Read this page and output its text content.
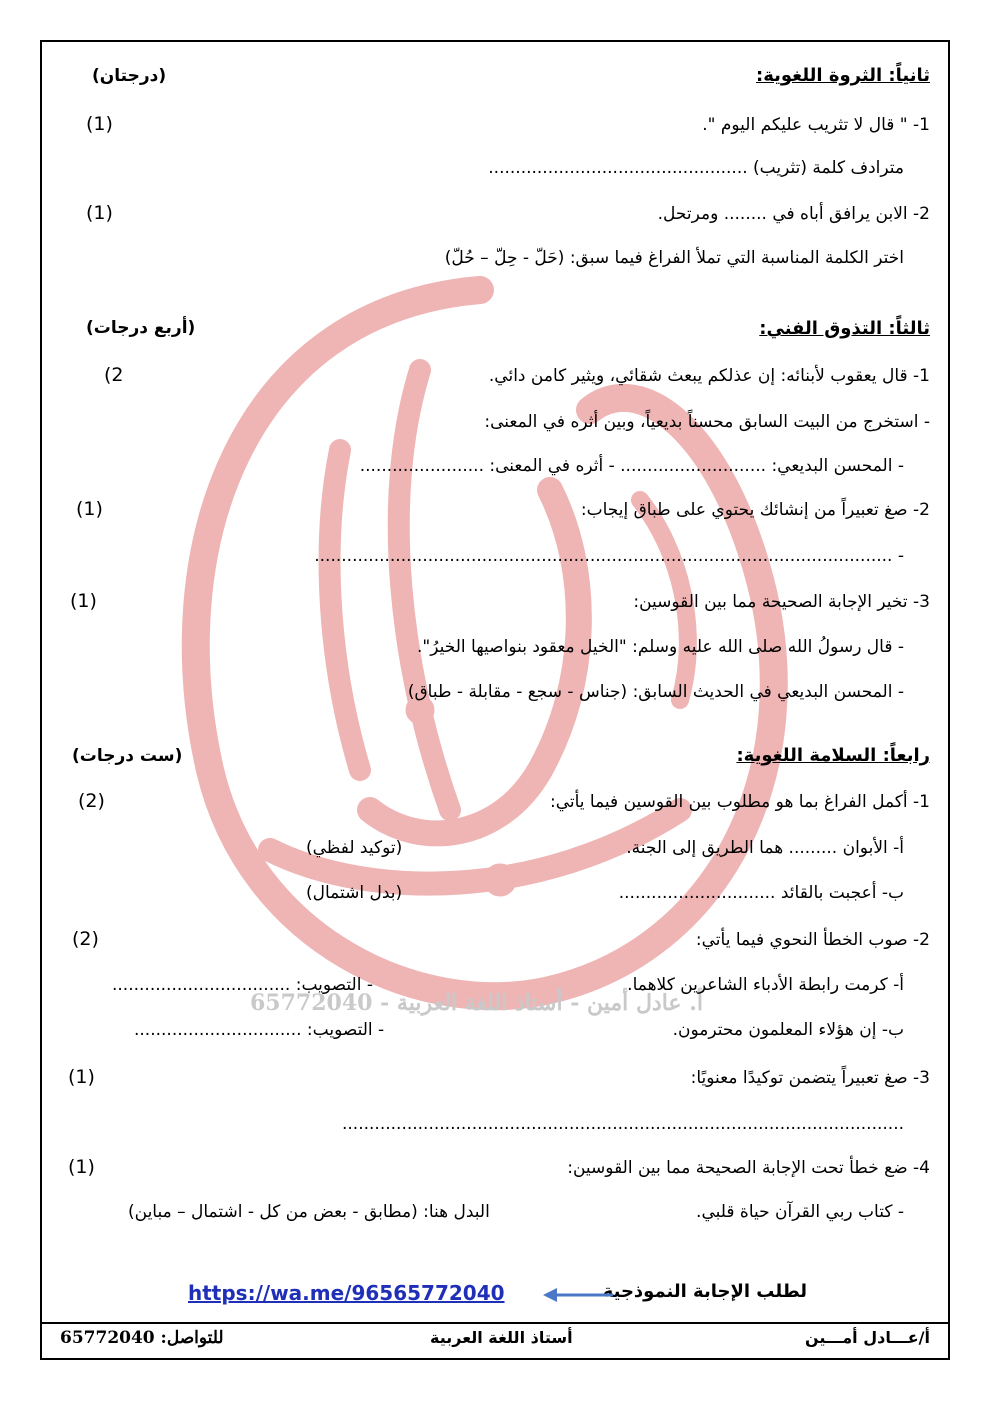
أ. عادل أمين - أستاذ اللغة العربية - 65772040
ثانياً: الثروة اللغوية:
(درجتان)
1- " قال لا تثريب عليكم اليوم ".
(1)
مترادف كلمة (تثريب) ................................................
2- الابن يرافق أباه في ........ ومرتحل.
(1)
اختر الكلمة المناسبة التي تملأ الفراغ فيما سبق: (حَلّ - حِلّ – حُلّ)
ثالثاً: التذوق الفني:
(أربع درجات)
1- قال يعقوب لأبنائه: إن عذلكم يبعث شقائي، ويثير كامن دائي.
(2
- استخرج من البيت السابق محسناً بديعياً، وبين أثره في المعنى:
- المحسن البديعي: ........................... - أثره في المعنى: .......................
2- صغ تعبيراً من إنشائك يحتوي على طباق إيجاب:
(1)
- ...........................................................................................................
3- تخير الإجابة الصحيحة مما بين القوسين:
(1)
- قال رسولُ الله صلى الله عليه وسلم: "الخيل معقود بنواصيها الخيرُ".
- المحسن البديعي في الحديث السابق: (جناس - سجع - مقابلة - طباق)
رابعاً: السلامة اللغوية:
(ست درجات)
1- أكمل الفراغ بما هو مطلوب بين القوسين فيما يأتي:
(2)
أ- الأبوان ......... هما الطريق إلى الجنة.
(توكيد لفظي)
ب- أعجبت بالقائد .............................
(بدل اشتمال)
2- صوب الخطأ النحوي فيما يأتي:
(2)
أ- كرمت رابطة الأدباء الشاعرين كلاهما.
- التصويب: .................................
ب- إن هؤلاء المعلمون محترمون.
- التصويب: ...............................
3- صغ تعبيراً يتضمن توكيدًا معنويًا:
(1)
........................................................................................................
4- ضع خطأ تحت الإجابة الصحيحة مما بين القوسين:
(1)
- كتاب ربي القرآن حياة قلبي.
البدل هنا: (مطابق - بعض من كل - اشتمال – مباين)
لطلب الإجابة النموذجية
https://wa.me/96565772040
أ/عـــادل أمـــين
أستاذ اللغة العربية
للتواصل: 65772040
